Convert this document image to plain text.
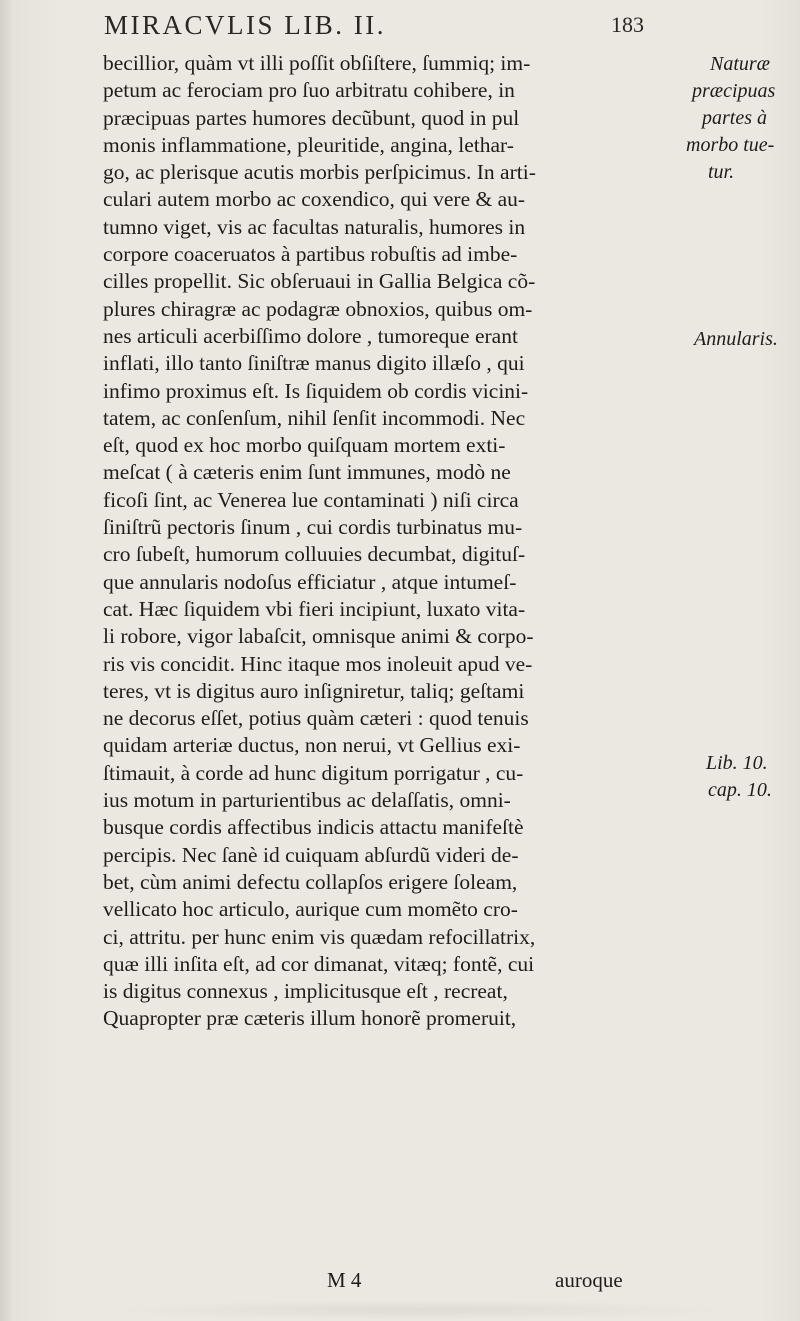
MIRACVLIS LIB. II.	183
becillior, quàm vt illi poſſit obſiſtere, ſummiq; im-
petum ac ferociam pro ſuo arbitratu cohibere, in
præcipuas partes humores decũbunt, quod in pul
monis inflammatione, pleuritide, angina, lethar-
go, ac plerisque acutis morbis perſpicimus. In arti-
culari autem morbo ac coxendico, qui vere & au-
tumno viget, vis ac facultas naturalis, humores in
corpore coaceruatos à partibus robuſtis ad imbe-
cilles propellit. Sic obſeruaui in Gallia Belgica cõ-
plures chiragræ ac podagræ obnoxios, quibus om-
nes articuli acerbiſſimo dolore , tumoreque erant
inflati, illo tanto ſiniſtræ manus digito illæſo , qui
infimo proximus eſt. Is ſiquidem ob cordis vicini-
tatem, ac conſenſum, nihil ſenſit incommodi. Nec
eſt, quod ex hoc morbo quiſquam mortem exti-
meſcat ( à cæteris enim ſunt immunes, modò ne
ficoſi ſint, ac Venerea lue contaminati ) niſi circa
ſiniſtrũ pectoris ſinum , cui cordis turbinatus mu-
cro ſubeſt, humorum colluuies decumbat, digituſ-
que annularis nodoſus efficiatur , atque intumeſ-
cat. Hæc ſiquidem vbi fieri incipiunt, luxato vita-
li robore, vigor labaſcit, omnisque animi & corpo-
ris vis concidit. Hinc itaque mos inoleuit apud ve-
teres, vt is digitus auro inſigniretur, taliq; geſtami
ne decorus eſſet, potius quàm cæteri : quod tenuis
quidam arteriæ ductus, non nerui, vt Gellius exi-
ſtimauit, à corde ad hunc digitum porrigatur , cu-
ius motum in parturientibus ac delaſſatis, omni-
busque cordis affectibus indicis attactu manifeſtè
percipis. Nec ſanè id cuiquam abſurdũ videri de-
bet, cùm animi defectu collapſos erigere ſoleam,
vellicato hoc articulo, aurique cum momẽto cro-
ci, attritu. per hunc enim vis quædam refocillatrix,
quæ illi inſita eſt, ad cor dimanat, vitæq; fontẽ, cui
is digitus connexus , implicitusque eſt , recreat,
Quapropter præ cæteris illum honorẽ promeruit,
Naturæ
præcipuas
partes à
morbo tue-
tur.
Annularis.
Lib. 10.
cap. 10.
M 4	auroque
